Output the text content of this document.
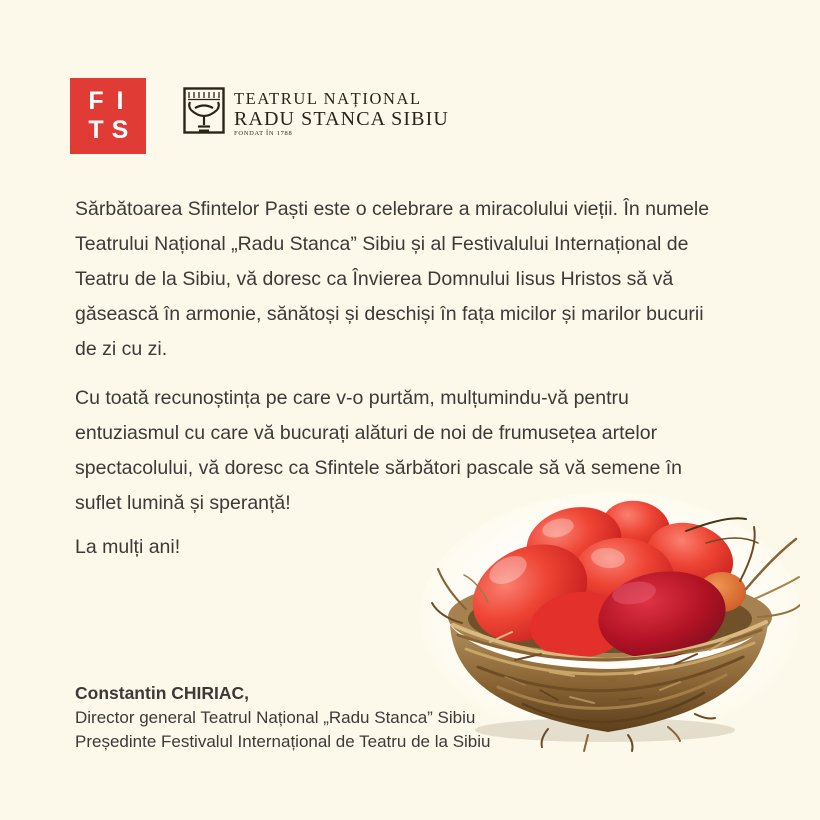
F I
T S
TEATRUL NAȚIONAL
RADU STANCA SIBIU
FONDAT ÎN 1788

Sărbătoarea Sfintelor Paști este o celebrare a miracolului vieții. În numele
Teatrului Național „Radu Stanca” Sibiu și al Festivalului Internațional de
Teatru de la Sibiu, vă doresc ca Învierea Domnului Iisus Hristos să vă
găsească în armonie, sănătoși și deschiși în fața micilor și marilor bucurii
de zi cu zi.

Cu toată recunoștința pe care v-o purtăm, mulțumindu-vă pentru
entuziasmul cu care vă bucurați alături de noi de frumusețea artelor
spectacolului, vă doresc ca Sfintele sărbători pascale să vă semene în
suflet lumină și speranță!

La mulți ani!

Constantin CHIRIAC,
Director general Teatrul Național „Radu Stanca” Sibiu
Președinte Festivalul Internațional de Teatru de la Sibiu
